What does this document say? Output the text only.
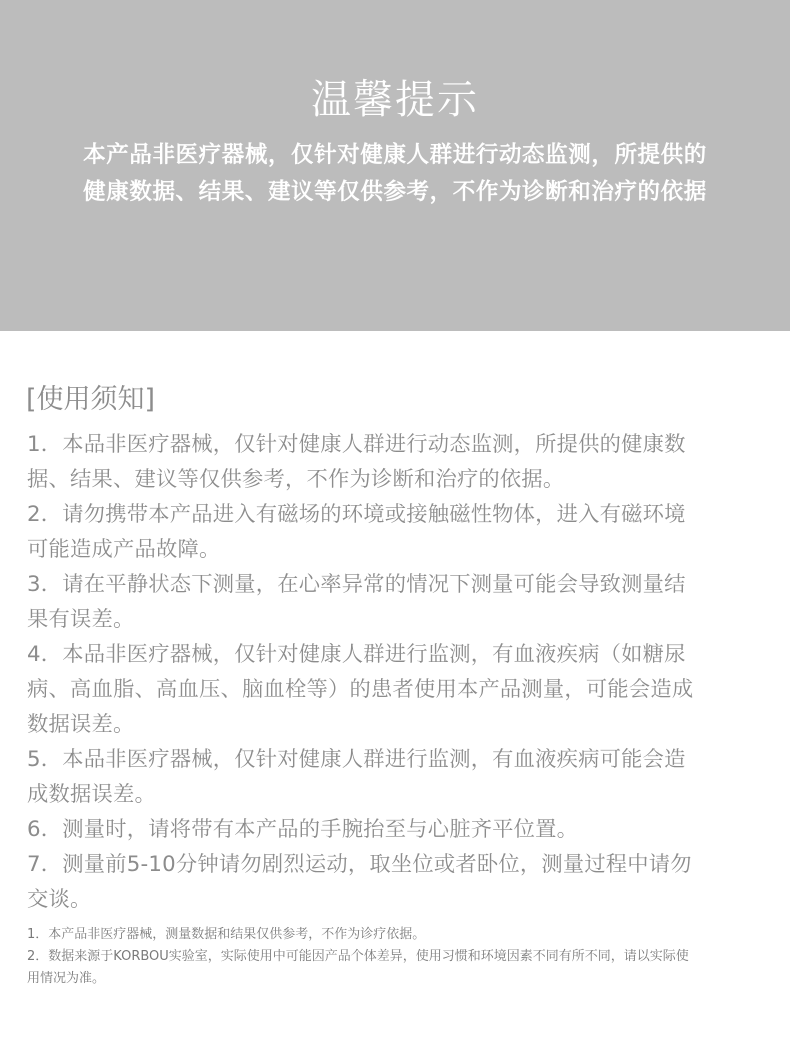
温馨提示
本产品非医疗器械，仅针对健康人群进行动态监测，所提供的
健康数据、结果、建议等仅供参考，不作为诊断和治疗的依据
[使用须知]
1．本品非医疗器械，仅针对健康人群进行动态监测，所提供的健康数
据、结果、建议等仅供参考，不作为诊断和治疗的依据。
2．请勿携带本产品进入有磁场的环境或接触磁性物体，进入有磁环境
可能造成产品故障。
3．请在平静状态下测量，在心率异常的情况下测量可能会导致测量结
果有误差。
4．本品非医疗器械，仅针对健康人群进行监测，有血液疾病（如糖尿
病、高血脂、高血压、脑血栓等）的患者使用本产品测量，可能会造成
数据误差。
5．本品非医疗器械，仅针对健康人群进行监测，有血液疾病可能会造
成数据误差。
6．测量时，请将带有本产品的手腕抬至与心脏齐平位置。
7．测量前5-10分钟请勿剧烈运动，取坐位或者卧位，测量过程中请勿
交谈。
1．本产品非医疗器械，测量数据和结果仅供参考，不作为诊疗依据。
2．数据来源于KORBOU实验室，实际使用中可能因产品个体差异，使用习惯和环境因素不同有所不同，请以实际使
用情况为准。
